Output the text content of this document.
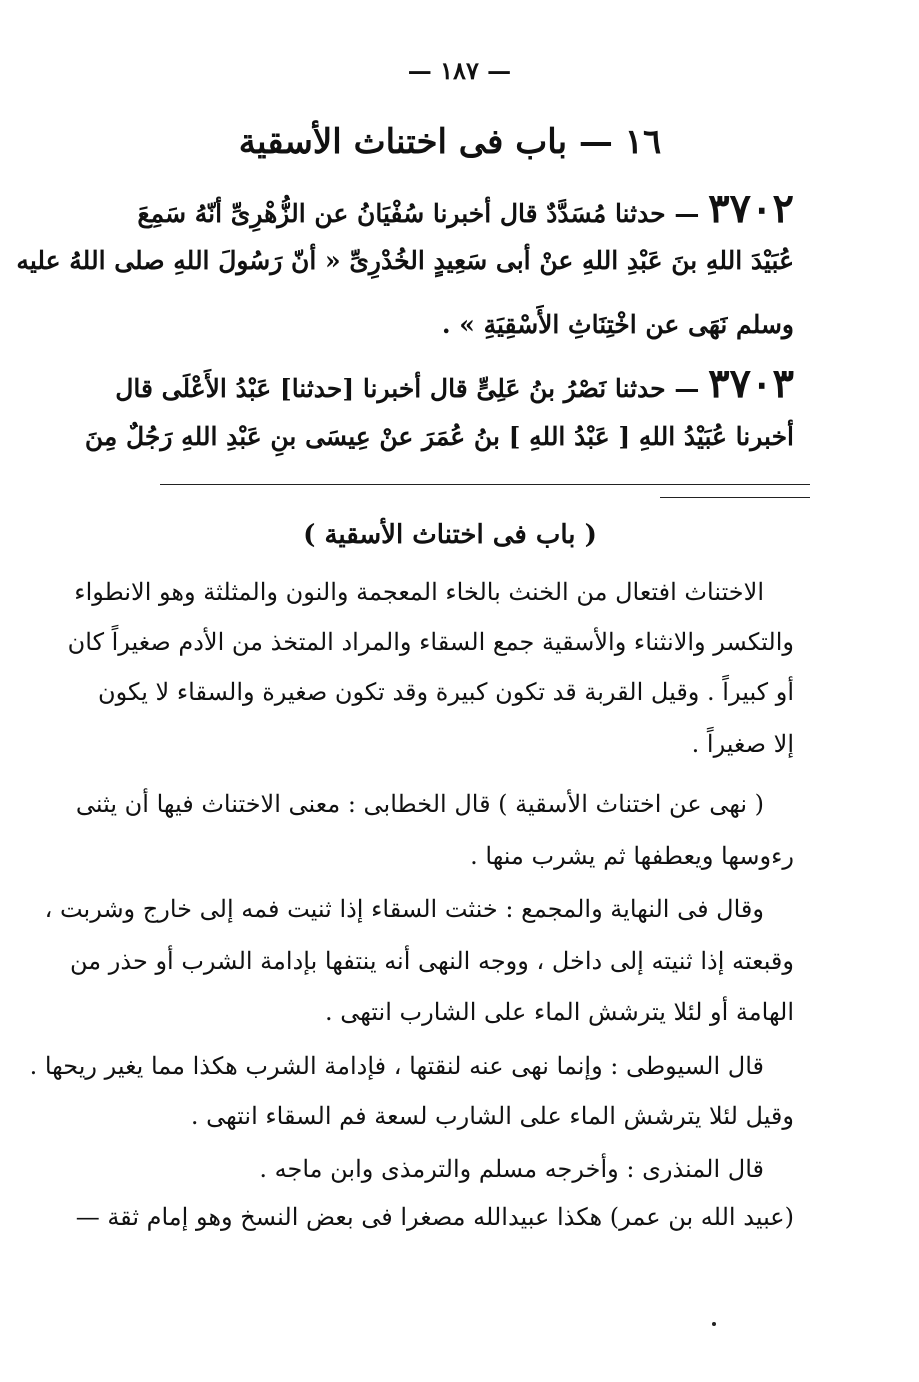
— ١٨٧ —
١٦ — باب فى اختناث الأسقية
٣٧٠٢ — حدثنا مُسَدَّدٌ قال أخبرنا سُفْيَانُ عن الزُّهْرِىِّ أنّهُ سَمِعَ
عُبَيْدَ اللهِ بنَ عَبْدِ اللهِ عنْ أبى سَعِيدٍ الخُدْرِىِّ « أنّ رَسُولَ اللهِ صلى اللهُ عليه
وسلم نَهَى عن اخْتِنَاثِ الأَسْقِيَةِ » .
٣٧٠٣ — حدثنا نَصْرُ بنُ عَلِىٍّ قال أخبرنا [حدثنا] عَبْدُ الأَعْلَى قال
أخبرنا عُبَيْدُ اللهِ [ عَبْدُ اللهِ ] بنُ عُمَرَ عنْ عِيسَى بنِ عَبْدِ اللهِ رَجُلٌ مِنَ
( باب فى اختناث الأسقية )
الاختناث افتعال من الخنث بالخاء المعجمة والنون والمثلثة وهو الانطواء
والتكسر والانثناء والأسقية جمع السقاء والمراد المتخذ من الأدم صغيراً كان
أو كبيراً . وقيل القربة قد تكون كبيرة وقد تكون صغيرة والسقاء لا يكون
إلا صغيراً .
( نهى عن اختناث الأسقية ) قال الخطابى : معنى الاختناث فيها أن يثنى
رءوسها ويعطفها ثم يشرب منها .
وقال فى النهاية والمجمع : خنثت السقاء إذا ثنيت فمه إلى خارج وشربت ،
وقبعته إذا ثنيته إلى داخل ، ووجه النهى أنه ينتفها بإدامة الشرب أو حذر من
الهامة أو لئلا يترشش الماء على الشارب انتهى .
قال السيوطى : وإنما نهى عنه لنقتها ، فإدامة الشرب هكذا مما يغير ريحها .
وقيل لئلا يترشش الماء على الشارب لسعة فم السقاء انتهى .
قال المنذرى : وأخرجه مسلم والترمذى وابن ماجه .
(عبيد الله بن عمر) هكذا عبيدالله مصغرا فى بعض النسخ وهو إمام ثقة —
